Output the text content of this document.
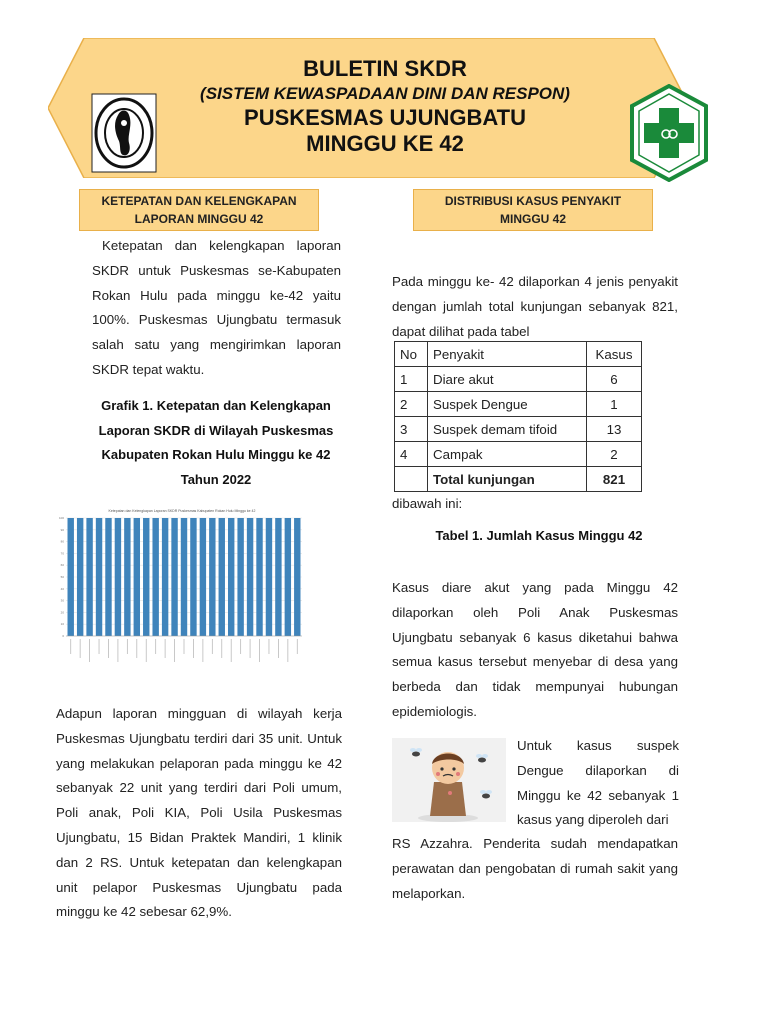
BULETIN SKDR
(SISTEM KEWASPADAAN DINI DAN RESPON)
PUSKESMAS UJUNGBATU
MINGGU KE 42
KETEPATAN DAN KELENGKAPAN LAPORAN MINGGU 42
Ketepatan dan kelengkapan laporan SKDR untuk Puskesmas se-Kabupaten Rokan Hulu pada minggu ke-42 yaitu 100%. Puskesmas Ujungbatu termasuk salah satu yang mengirimkan laporan SKDR tepat waktu.
Grafik 1. Ketepatan dan Kelengkapan Laporan SKDR di Wilayah Puskesmas Kabupaten Rokan Hulu Minggu ke 42 Tahun 2022
Ketepatan dan Kelengkapan Laporan SKDR Puskesmas Kabupaten Rokan Hulu Minggu ke 42
0
10
20
30
40
50
60
70
80
90
100
Adapun laporan mingguan di wilayah kerja Puskesmas Ujungbatu terdiri dari 35 unit. Untuk yang melakukan pelaporan pada minggu ke 42 sebanyak 22 unit yang terdiri dari Poli umum, Poli anak, Poli KIA, Poli Usila Puskesmas Ujungbatu, 15 Bidan Praktek Mandiri, 1 klinik dan 2 RS. Untuk ketepatan dan kelengkapan unit pelapor Puskesmas Ujungbatu pada minggu ke 42 sebesar 62,9%.
DISTRIBUSI KASUS PENYAKIT MINGGU 42
Pada minggu ke- 42 dilaporkan 4 jenis penyakit dengan jumlah total kunjungan sebanyak 821, dapat dilihat pada tabel
No	Penyakit	Kasus
1	Diare akut	6
2	Suspek Dengue	1
3	Suspek demam tifoid	13
4	Campak	2
	Total kunjungan	821
dibawah ini:
Tabel 1. Jumlah Kasus Minggu 42
Kasus diare akut yang pada Minggu 42 dilaporkan oleh Poli Anak Puskesmas Ujungbatu sebanyak 6 kasus diketahui bahwa semua kasus tersebut menyebar di desa yang berbeda dan tidak mempunyai hubungan epidemiologis.
Untuk kasus suspek Dengue dilaporkan di Minggu ke 42 sebanyak 1 kasus yang diperoleh dari
RS Azzahra. Penderita sudah mendapatkan perawatan dan pengobatan di rumah sakit yang melaporkan.
